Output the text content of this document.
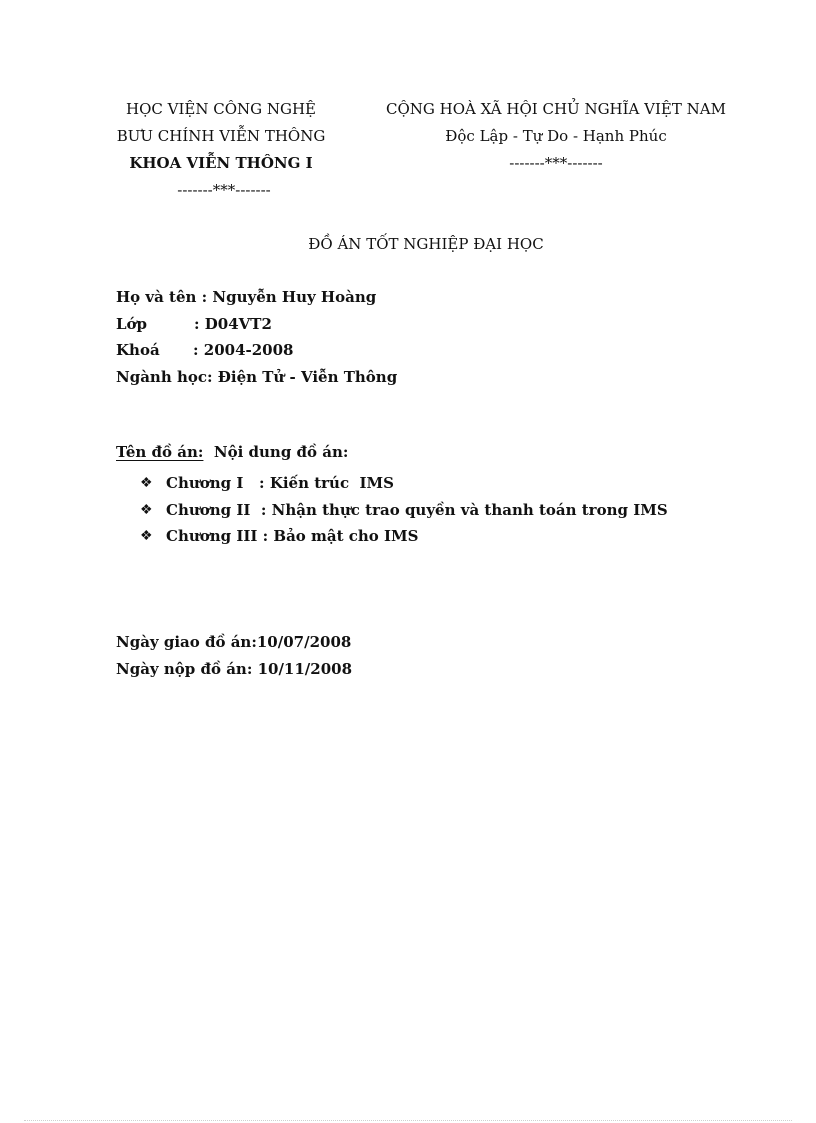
HỌC VIỆN CÔNG NGHỆ
BƯU CHÍNH VIỄN THÔNG
KHOA VIỄN THÔNG I
-------***-------
CỘNG HOÀ XÃ HỘI CHỦ NGHĨA VIỆT NAM
Độc Lập - Tự Do - Hạnh Phúc
-------***-------
ĐỒ ÁN TỐT NGHIỆP ĐẠI HỌC
Họ và tên : Nguyễn Huy Hoàng
Lớp	: D04VT2
Khoá : 2004-2008
Ngành học: Điện Tử - Viễn Thông
Tên đồ án: Nội dung đồ án:
❖ Chương I   : Kiến trúc  IMS
❖ Chương II  : Nhận thực trao quyền và thanh toán trong IMS
❖ Chương III : Bảo mật cho IMS
Ngày giao đồ án:10/07/2008
Ngày nộp đồ án: 10/11/2008
